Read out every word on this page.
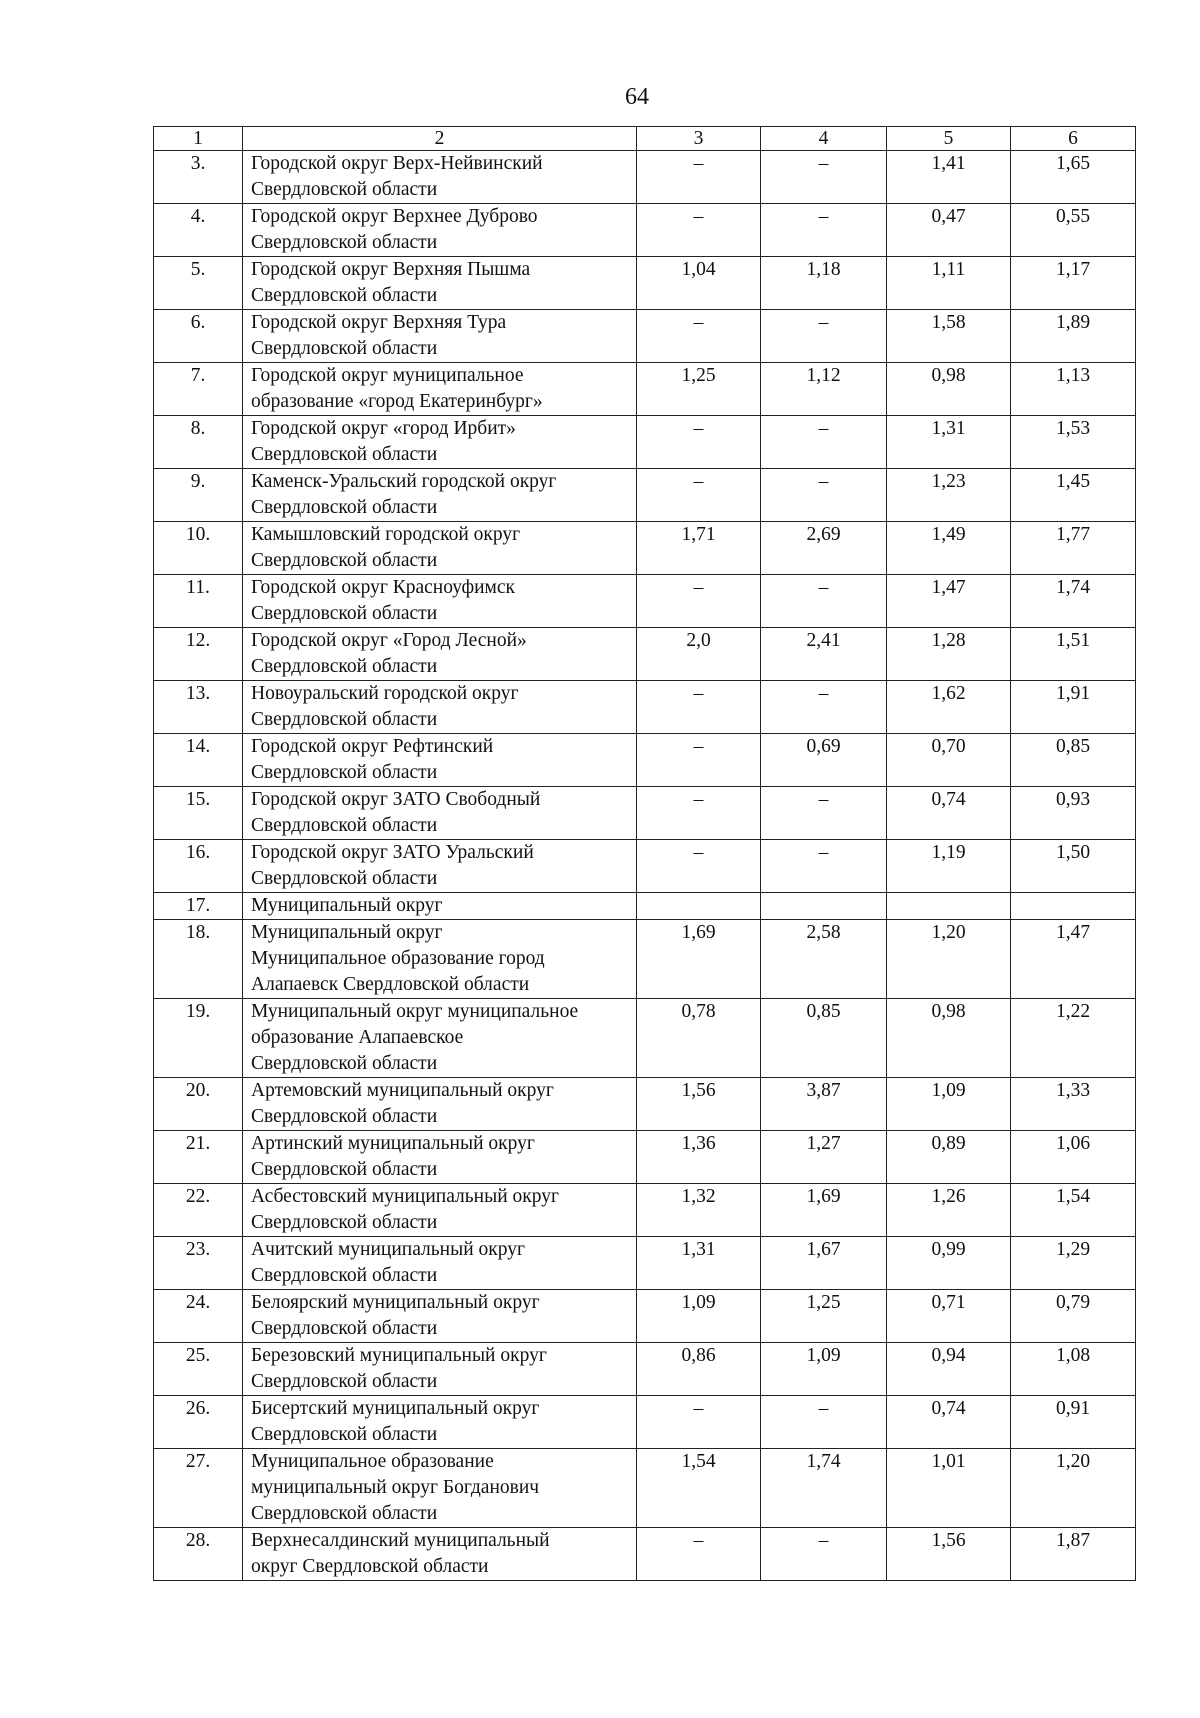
64
1	2	3	4	5	6
3.	Городской округ Верх-Нейвинский
Свердловской области	–	–	1,41	1,65
4.	Городской округ Верхнее Дуброво
Свердловской области	–	–	0,47	0,55
5.	Городской округ Верхняя Пышма
Свердловской области	1,04	1,18	1,11	1,17
6.	Городской округ Верхняя Тура
Свердловской области	–	–	1,58	1,89
7.	Городской округ муниципальное
образование «город Екатеринбург»	1,25	1,12	0,98	1,13
8.	Городской округ «город Ирбит»
Свердловской области	–	–	1,31	1,53
9.	Каменск-Уральский городской округ
Свердловской области	–	–	1,23	1,45
10.	Камышловский городской округ
Свердловской области	1,71	2,69	1,49	1,77
11.	Городской округ Красноуфимск
Свердловской области	–	–	1,47	1,74
12.	Городской округ «Город Лесной»
Свердловской области	2,0	2,41	1,28	1,51
13.	Новоуральский городской округ
Свердловской области	–	–	1,62	1,91
14.	Городской округ Рефтинский
Свердловской области	–	0,69	0,70	0,85
15.	Городской округ ЗАТО Свободный
Свердловской области	–	–	0,74	0,93
16.	Городской округ ЗАТО Уральский
Свердловской области	–	–	1,19	1,50
17.	Муниципальный округ				
18.	Муниципальный округ
Муниципальное образование город
Алапаевск Свердловской области	1,69	2,58	1,20	1,47
19.	Муниципальный округ муниципальное
образование Алапаевское
Свердловской области	0,78	0,85	0,98	1,22
20.	Артемовский муниципальный округ
Свердловской области	1,56	3,87	1,09	1,33
21.	Артинский муниципальный округ
Свердловской области	1,36	1,27	0,89	1,06
22.	Асбестовский муниципальный округ
Свердловской области	1,32	1,69	1,26	1,54
23.	Ачитский муниципальный округ
Свердловской области	1,31	1,67	0,99	1,29
24.	Белоярский муниципальный округ
Свердловской области	1,09	1,25	0,71	0,79
25.	Березовский муниципальный округ
Свердловской области	0,86	1,09	0,94	1,08
26.	Бисертский муниципальный округ
Свердловской области	–	–	0,74	0,91
27.	Муниципальное образование
муниципальный округ Богданович
Свердловской области	1,54	1,74	1,01	1,20
28.	Верхнесалдинский муниципальный
округ Свердловской области	–	–	1,56	1,87
